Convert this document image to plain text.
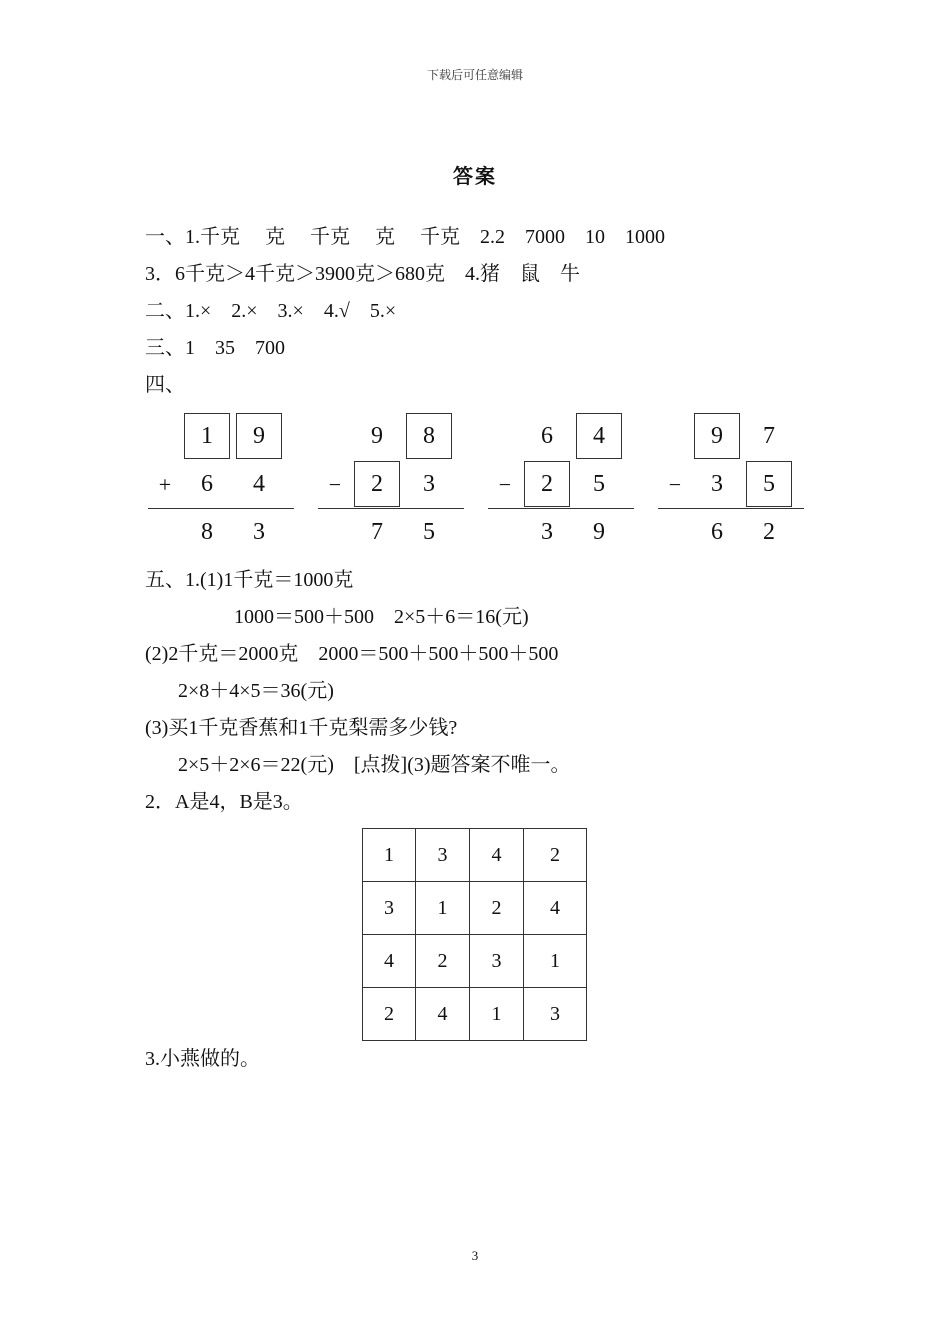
下载后可任意编辑
答案
一、1.千克　 克　 千克　 克　 千克　2.2　7000　10　1000
3．6千克＞4千克＞3900克＞680克　4.猪　鼠　牛
二、1.×　2.×　3.×　4.√　5.×
三、1　35　700
四、
1	9
+	6	4
8	3
9	8
−	2	3
7	5
6	4
−	2	5
3	9
9	7
−	3	5
6	2
五、1.(1)1千克＝1000克
1000＝500＋500　2×5＋6＝16(元)
(2)2千克＝2000克　2000＝500＋500＋500＋500
2×8＋4×5＝36(元)
(3)买1千克香蕉和1千克梨需多少钱?
2×5＋2×6＝22(元)　[点拨](3)题答案不唯一。
2．A是4，B是3。
1	3	4	2
3	1	2	4
4	2	3	1
2	4	1	3
3.小燕做的。
3
